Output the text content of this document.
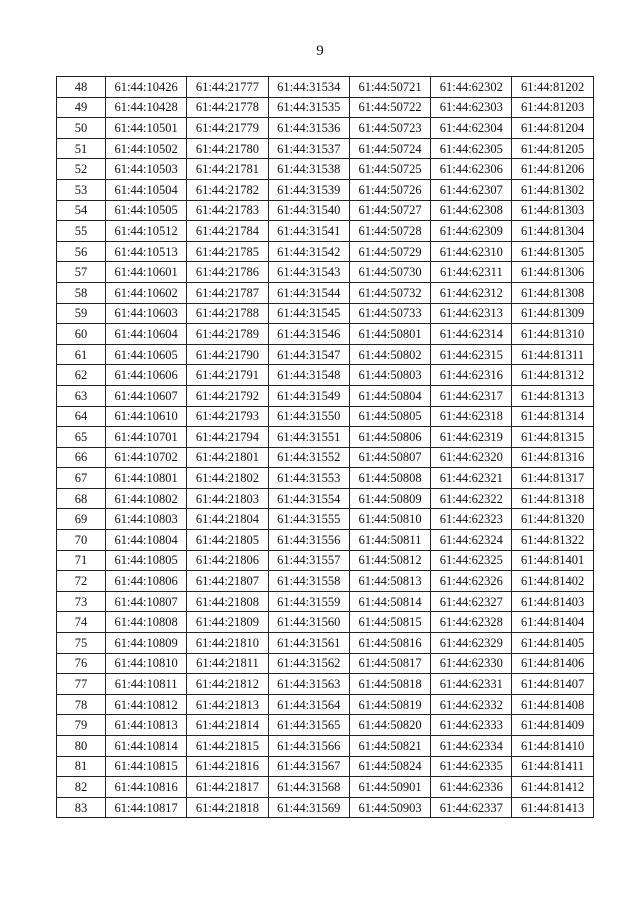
9
48	61:44:10426	61:44:21777	61:44:31534	61:44:50721	61:44:62302	61:44:81202
49	61:44:10428	61:44:21778	61:44:31535	61:44:50722	61:44:62303	61:44:81203
50	61:44:10501	61:44:21779	61:44:31536	61:44:50723	61:44:62304	61:44:81204
51	61:44:10502	61:44:21780	61:44:31537	61:44:50724	61:44:62305	61:44:81205
52	61:44:10503	61:44:21781	61:44:31538	61:44:50725	61:44:62306	61:44:81206
53	61:44:10504	61:44:21782	61:44:31539	61:44:50726	61:44:62307	61:44:81302
54	61:44:10505	61:44:21783	61:44:31540	61:44:50727	61:44:62308	61:44:81303
55	61:44:10512	61:44:21784	61:44:31541	61:44:50728	61:44:62309	61:44:81304
56	61:44:10513	61:44:21785	61:44:31542	61:44:50729	61:44:62310	61:44:81305
57	61:44:10601	61:44:21786	61:44:31543	61:44:50730	61:44:62311	61:44:81306
58	61:44:10602	61:44:21787	61:44:31544	61:44:50732	61:44:62312	61:44:81308
59	61:44:10603	61:44:21788	61:44:31545	61:44:50733	61:44:62313	61:44:81309
60	61:44:10604	61:44:21789	61:44:31546	61:44:50801	61:44:62314	61:44:81310
61	61:44:10605	61:44:21790	61:44:31547	61:44:50802	61:44:62315	61:44:81311
62	61:44:10606	61:44:21791	61:44:31548	61:44:50803	61:44:62316	61:44:81312
63	61:44:10607	61:44:21792	61:44:31549	61:44:50804	61:44:62317	61:44:81313
64	61:44:10610	61:44:21793	61:44:31550	61:44:50805	61:44:62318	61:44:81314
65	61:44:10701	61:44:21794	61:44:31551	61:44:50806	61:44:62319	61:44:81315
66	61:44:10702	61:44:21801	61:44:31552	61:44:50807	61:44:62320	61:44:81316
67	61:44:10801	61:44:21802	61:44:31553	61:44:50808	61:44:62321	61:44:81317
68	61:44:10802	61:44:21803	61:44:31554	61:44:50809	61:44:62322	61:44:81318
69	61:44:10803	61:44:21804	61:44:31555	61:44:50810	61:44:62323	61:44:81320
70	61:44:10804	61:44:21805	61:44:31556	61:44:50811	61:44:62324	61:44:81322
71	61:44:10805	61:44:21806	61:44:31557	61:44:50812	61:44:62325	61:44:81401
72	61:44:10806	61:44:21807	61:44:31558	61:44:50813	61:44:62326	61:44:81402
73	61:44:10807	61:44:21808	61:44:31559	61:44:50814	61:44:62327	61:44:81403
74	61:44:10808	61:44:21809	61:44:31560	61:44:50815	61:44:62328	61:44:81404
75	61:44:10809	61:44:21810	61:44:31561	61:44:50816	61:44:62329	61:44:81405
76	61:44:10810	61:44:21811	61:44:31562	61:44:50817	61:44:62330	61:44:81406
77	61:44:10811	61:44:21812	61:44:31563	61:44:50818	61:44:62331	61:44:81407
78	61:44:10812	61:44:21813	61:44:31564	61:44:50819	61:44:62332	61:44:81408
79	61:44:10813	61:44:21814	61:44:31565	61:44:50820	61:44:62333	61:44:81409
80	61:44:10814	61:44:21815	61:44:31566	61:44:50821	61:44:62334	61:44:81410
81	61:44:10815	61:44:21816	61:44:31567	61:44:50824	61:44:62335	61:44:81411
82	61:44:10816	61:44:21817	61:44:31568	61:44:50901	61:44:62336	61:44:81412
83	61:44:10817	61:44:21818	61:44:31569	61:44:50903	61:44:62337	61:44:81413
